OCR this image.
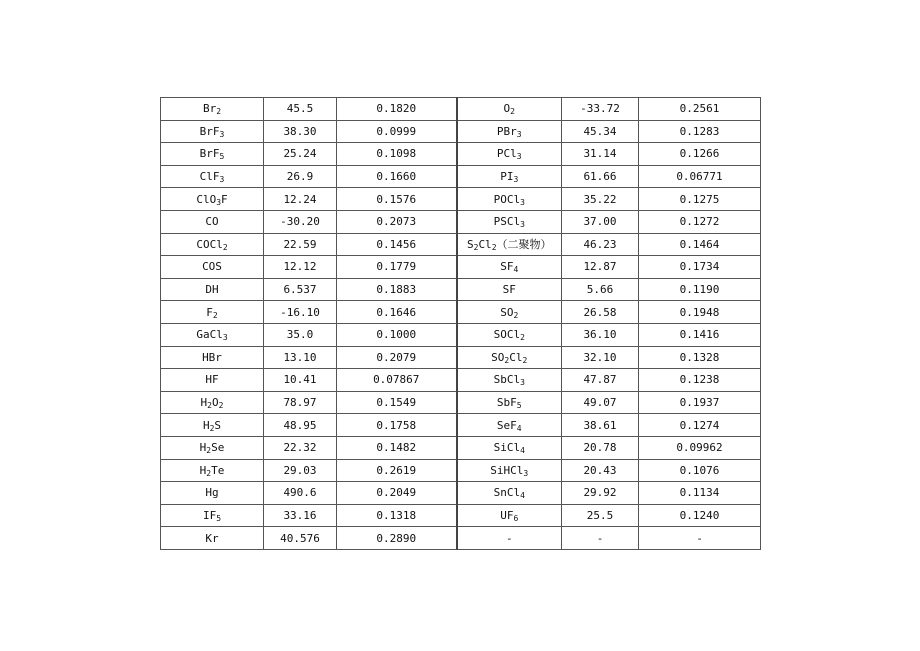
$Br_2$	45.5	0.1820	$O_2$	-33.72	0.2561
BrF$_3$	38.30	0.0999	PBr$_3$	45.34	0.1283
BrF$_5$	25.24	0.1098	PCl$_3$	31.14	0.1266
ClF$_3$	26.9	0.1660	$PI_3$	61.66	0.06771
ClO$_3$F	12.24	0.1576	POCl$_3$	35.22	0.1275
CO	-30.20	0.2073	PSCl$_3$	37.00	0.1272
COCl$_2$	22.59	0.1456	$S_2Cl_2$（二聚物）	46.23	0.1464
COS	12.12	0.1779	$SF_4$	12.87	0.1734
DH	6.537	0.1883	SF	5.66	0.1190
$F_2$	-16.10	0.1646	$SO_2$	26.58	0.1948
GaCl$_3$	35.0	0.1000	SOCl$_2$	36.10	0.1416
HBr	13.10	0.2079	$SO_2Cl_2$	32.10	0.1328
HF	10.41	0.07867	SbCl$_3$	47.87	0.1238
$H_2O_2$	78.97	0.1549	SbF$_5$	49.07	0.1937
$H_2S$	48.95	0.1758	SeF$_4$	38.61	0.1274
$H_2Se$	22.32	0.1482	SiCl$_4$	20.78	0.09962
$H_2Te$	29.03	0.2619	SiHCl$_3$	20.43	0.1076
Hg	490.6	0.2049	SnCl$_4$	29.92	0.1134
$IF_5$	33.16	0.1318	$UF_6$	25.5	0.1240
Kr	40.576	0.2890	-	-	-
